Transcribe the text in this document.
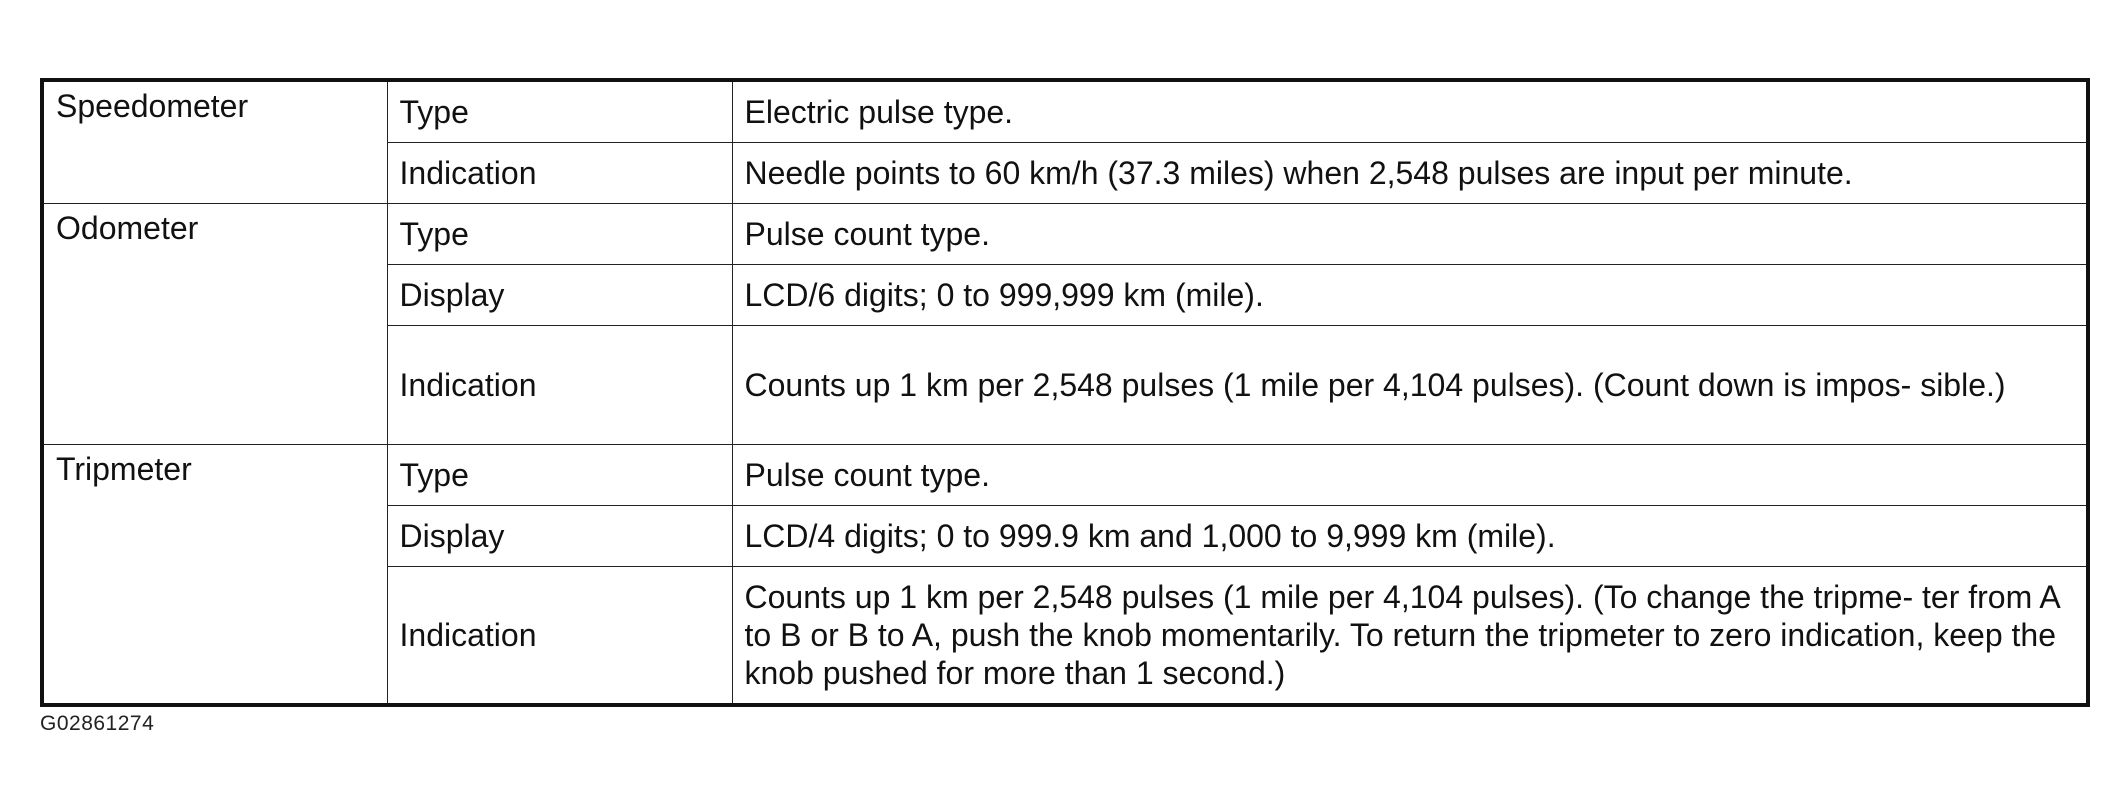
Speedometer	Type	Electric pulse type.
	Indication	Needle points to 60 km/h (37.3 miles) when 2,548 pulses are input per minute.
Odometer	Type	Pulse count type.
	Display	LCD/6 digits; 0 to 999,999 km (mile).
	Indication	Counts up 1 km per 2,548 pulses (1 mile per 4,104 pulses). (Count down is impos- sible.)
Tripmeter	Type	Pulse count type.
	Display	LCD/4 digits; 0 to 999.9 km and 1,000 to 9,999 km (mile).
	Indication	Counts up 1 km per 2,548 pulses (1 mile per 4,104 pulses). (To change the tripme- ter from A to B or B to A, push the knob momentarily. To return the tripmeter to zero indication, keep the knob pushed for more than 1 second.)
G02861274
